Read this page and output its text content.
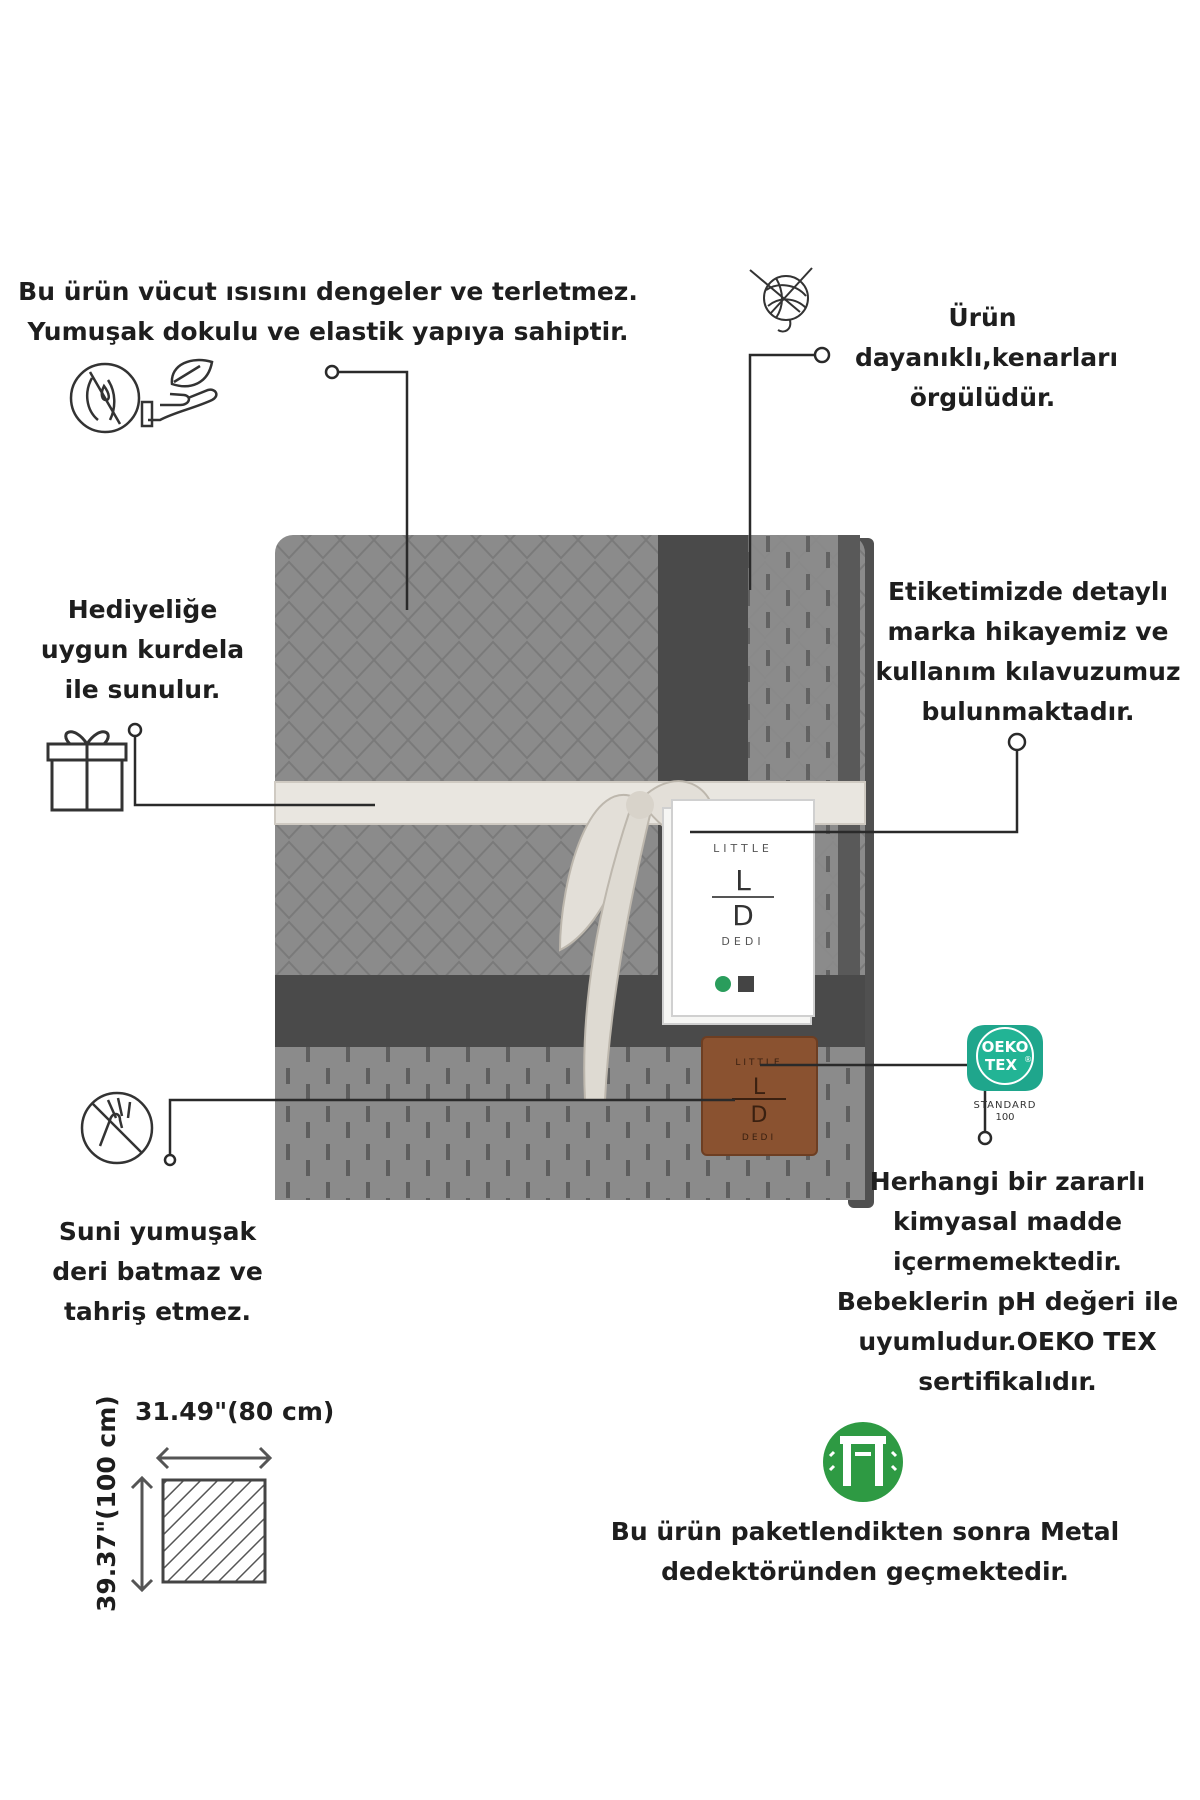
LITTLE
L
D
DEDI
LITTLE
L
D
DEDI
OEKO
TEX ®
STANDARD
100
31.49"(80 cm)
39.37"(100 cm)
Bu ürün vücut ısısını dengeler ve terletmez.
Yumuşak dokulu ve elastik yapıya sahiptir.	Ürün
dayanıklı,kenarları
örgülüdür.
Hediyeliğe
uygun kurdela
ile sunulur.
Etiketimizde detaylı
marka hikayemiz ve
kullanım kılavuzumuz
bulunmaktadır.
Suni yumuşak
deri batmaz ve
tahriş etmez.
Herhangi bir zararlı
kimyasal madde
içermemektedir.
Bebeklerin pH değeri ile
uyumludur.OEKO TEX
sertifikalıdır.
Bu ürün paketlendikten sonra Metal
dedektöründen geçmektedir.
